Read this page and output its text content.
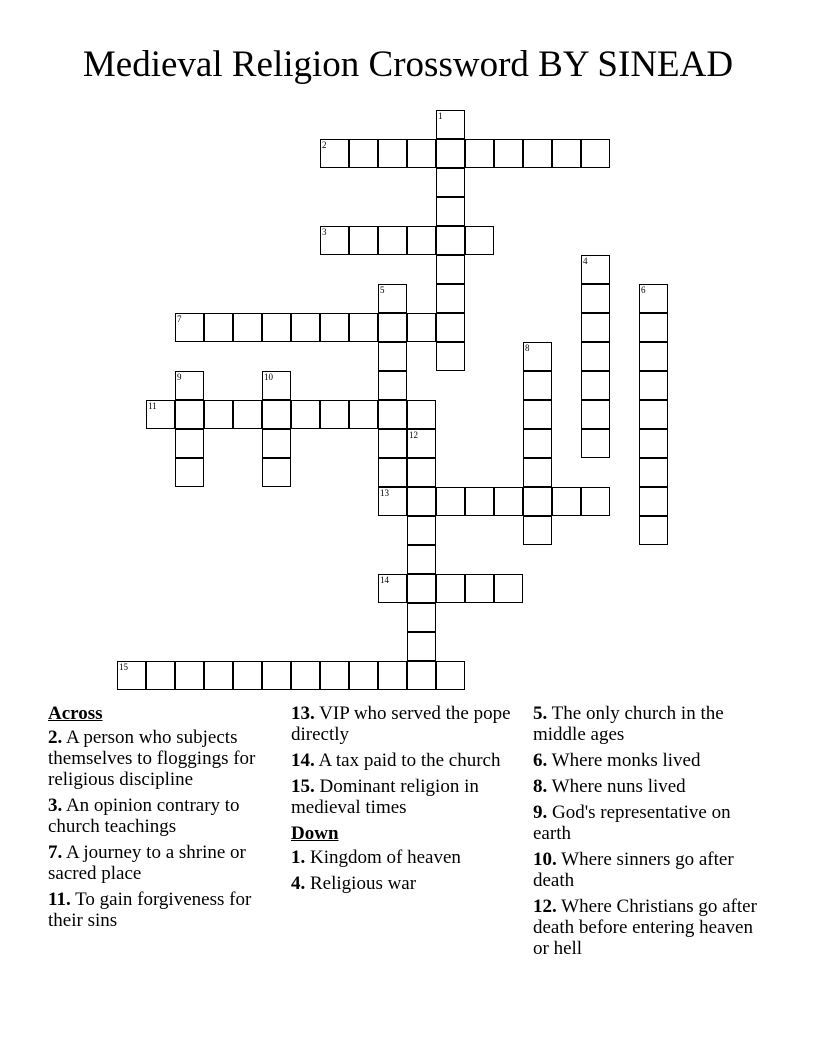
Medieval Religion Crossword BY SINEAD
1
2
3
4
5
13
6
7
8
9	10
11
12
14
15
Across
2. A person who subjects themselves to floggings for religious discipline
3. An opinion contrary to church teachings
7. A journey to a shrine or sacred place
11. To gain forgiveness for their sins
13. VIP who served the pope directly
14. A tax paid to the church
15. Dominant religion in medieval times
Down
1. Kingdom of heaven
4. Religious war
5. The only church in the middle ages
6. Where monks lived
8. Where nuns lived
9. God's representative on earth
10. Where sinners go after death
12. Where Christians go after death before entering heaven or hell
